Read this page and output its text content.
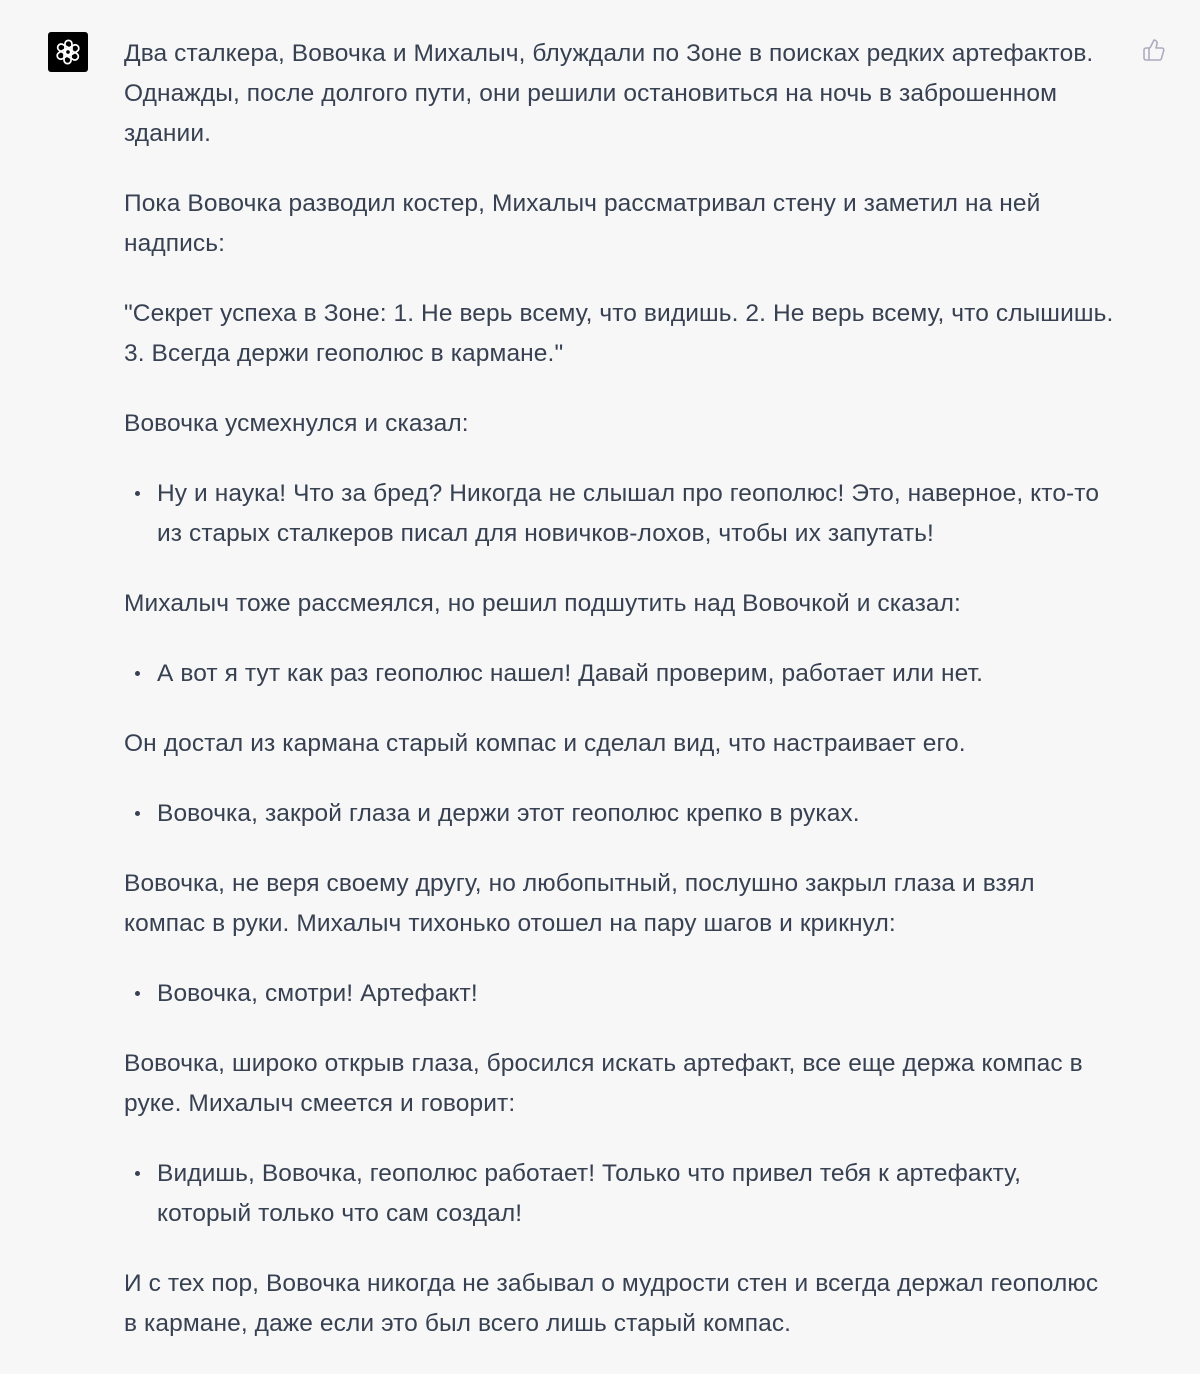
Два сталкера, Вовочка и Михалыч, блуждали по Зоне в поисках редких артефактов. Однажды, после долгого пути, они решили остановиться на ночь в заброшенном здании.

Пока Вовочка разводил костер, Михалыч рассматривал стену и заметил на ней надпись:

"Секрет успеха в Зоне: 1. Не верь всему, что видишь. 2. Не верь всему, что слышишь. 3. Всегда держи геополюс в кармане."

Вовочка усмехнулся и сказал:

Ну и наука! Что за бред? Никогда не слышал про геополюс! Это, наверное, кто-то из старых сталкеров писал для новичков-лохов, чтобы их запутать!

Михалыч тоже рассмеялся, но решил подшутить над Вовочкой и сказал:

А вот я тут как раз геополюс нашел! Давай проверим, работает или нет.

Он достал из кармана старый компас и сделал вид, что настраивает его.

Вовочка, закрой глаза и держи этот геополюс крепко в руках.

Вовочка, не веря своему другу, но любопытный, послушно закрыл глаза и взял компас в руки. Михалыч тихонько отошел на пару шагов и крикнул:

Вовочка, смотри! Артефакт!

Вовочка, широко открыв глаза, бросился искать артефакт, все еще держа компас в руке. Михалыч смеется и говорит:

Видишь, Вовочка, геополюс работает! Только что привел тебя к артефакту, который только что сам создал!

И с тех пор, Вовочка никогда не забывал о мудрости стен и всегда держал геополюс в кармане, даже если это был всего лишь старый компас.
